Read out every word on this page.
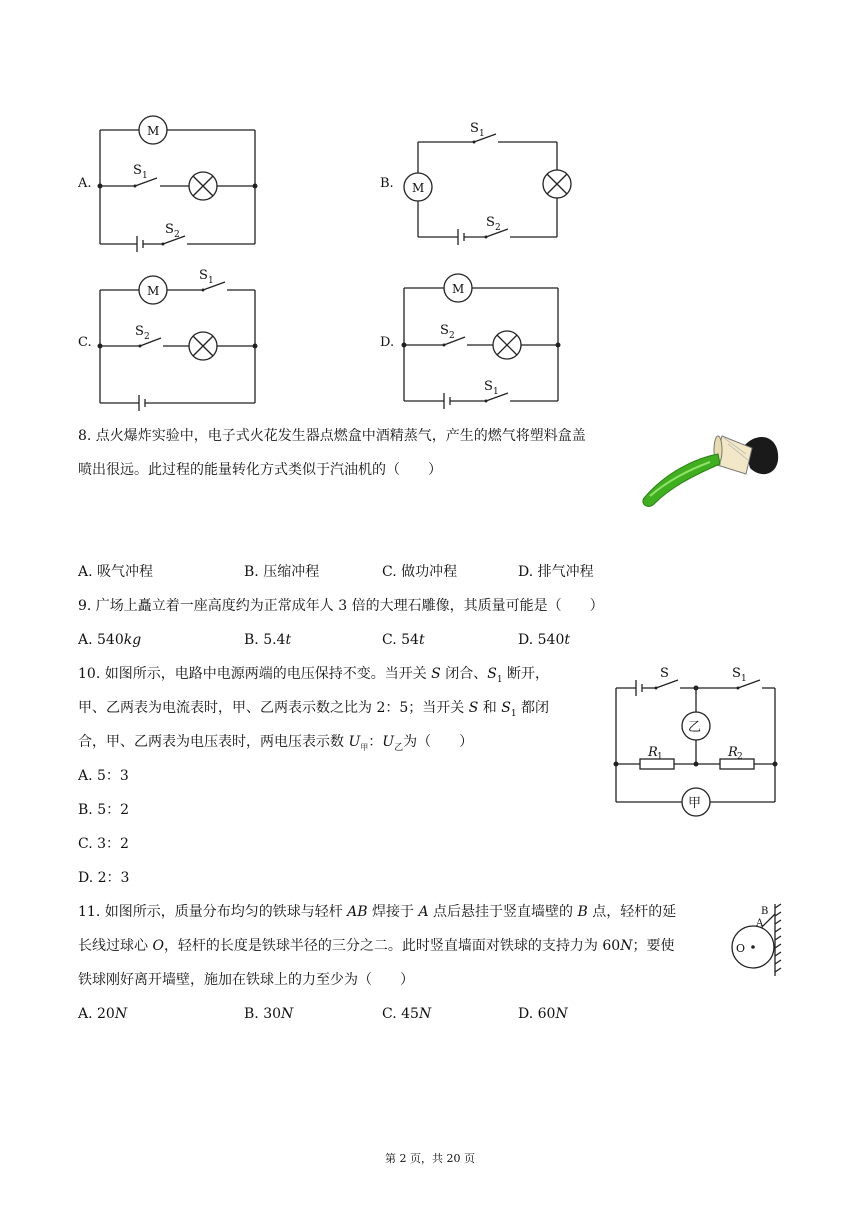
A.
M
S 1
S 2
B. M
S 1
S 2
C.
M
S 1
S 2	D.
M
S 2
S 1
8. 点火爆炸实验中，电子式火花发生器点燃盒中酒精蒸气，产生的燃气将塑料盒盖
喷出很远。此过程的能量转化方式类似于汽油机的（　　）
A. 吸气冲程	B. 压缩冲程	C. 做功冲程	D. 排气冲程
9. 广场上矗立着一座高度约为正常成年人 3 倍的大理石雕像，其质量可能是（　　）
A. 540kg	B. 5.4t	C. 54t	D. 540t
10. 如图所示，电路中电源两端的电压保持不变。当开关 S 闭合、$S_1$ 断开，
甲、乙两表为电流表时，甲、乙两表示数之比为 2：5；当开关 S 和 $S_1$ 都闭
合，甲、乙两表为电压表时，两电压表示数 $U_甲$：$U_乙$为（　　）
A. 5：3
B. 5：2
C. 3：2
D. 2：3
S	S 1
乙
R 1	R 2
甲
11. 如图所示，质量分布均匀的铁球与轻杆 AB 焊接于 A 点后悬挂于竖直墙壁的 B 点，轻杆的延
长线过球心 O，轻杆的长度是铁球半径的三分之二。此时竖直墙面对铁球的支持力为 60N；要使
铁球刚好离开墙壁，施加在铁球上的力至少为（　　）
A. 20N	B. 30N	C. 45N	D. 60N
A
B
O
第 2 页，共 20 页
